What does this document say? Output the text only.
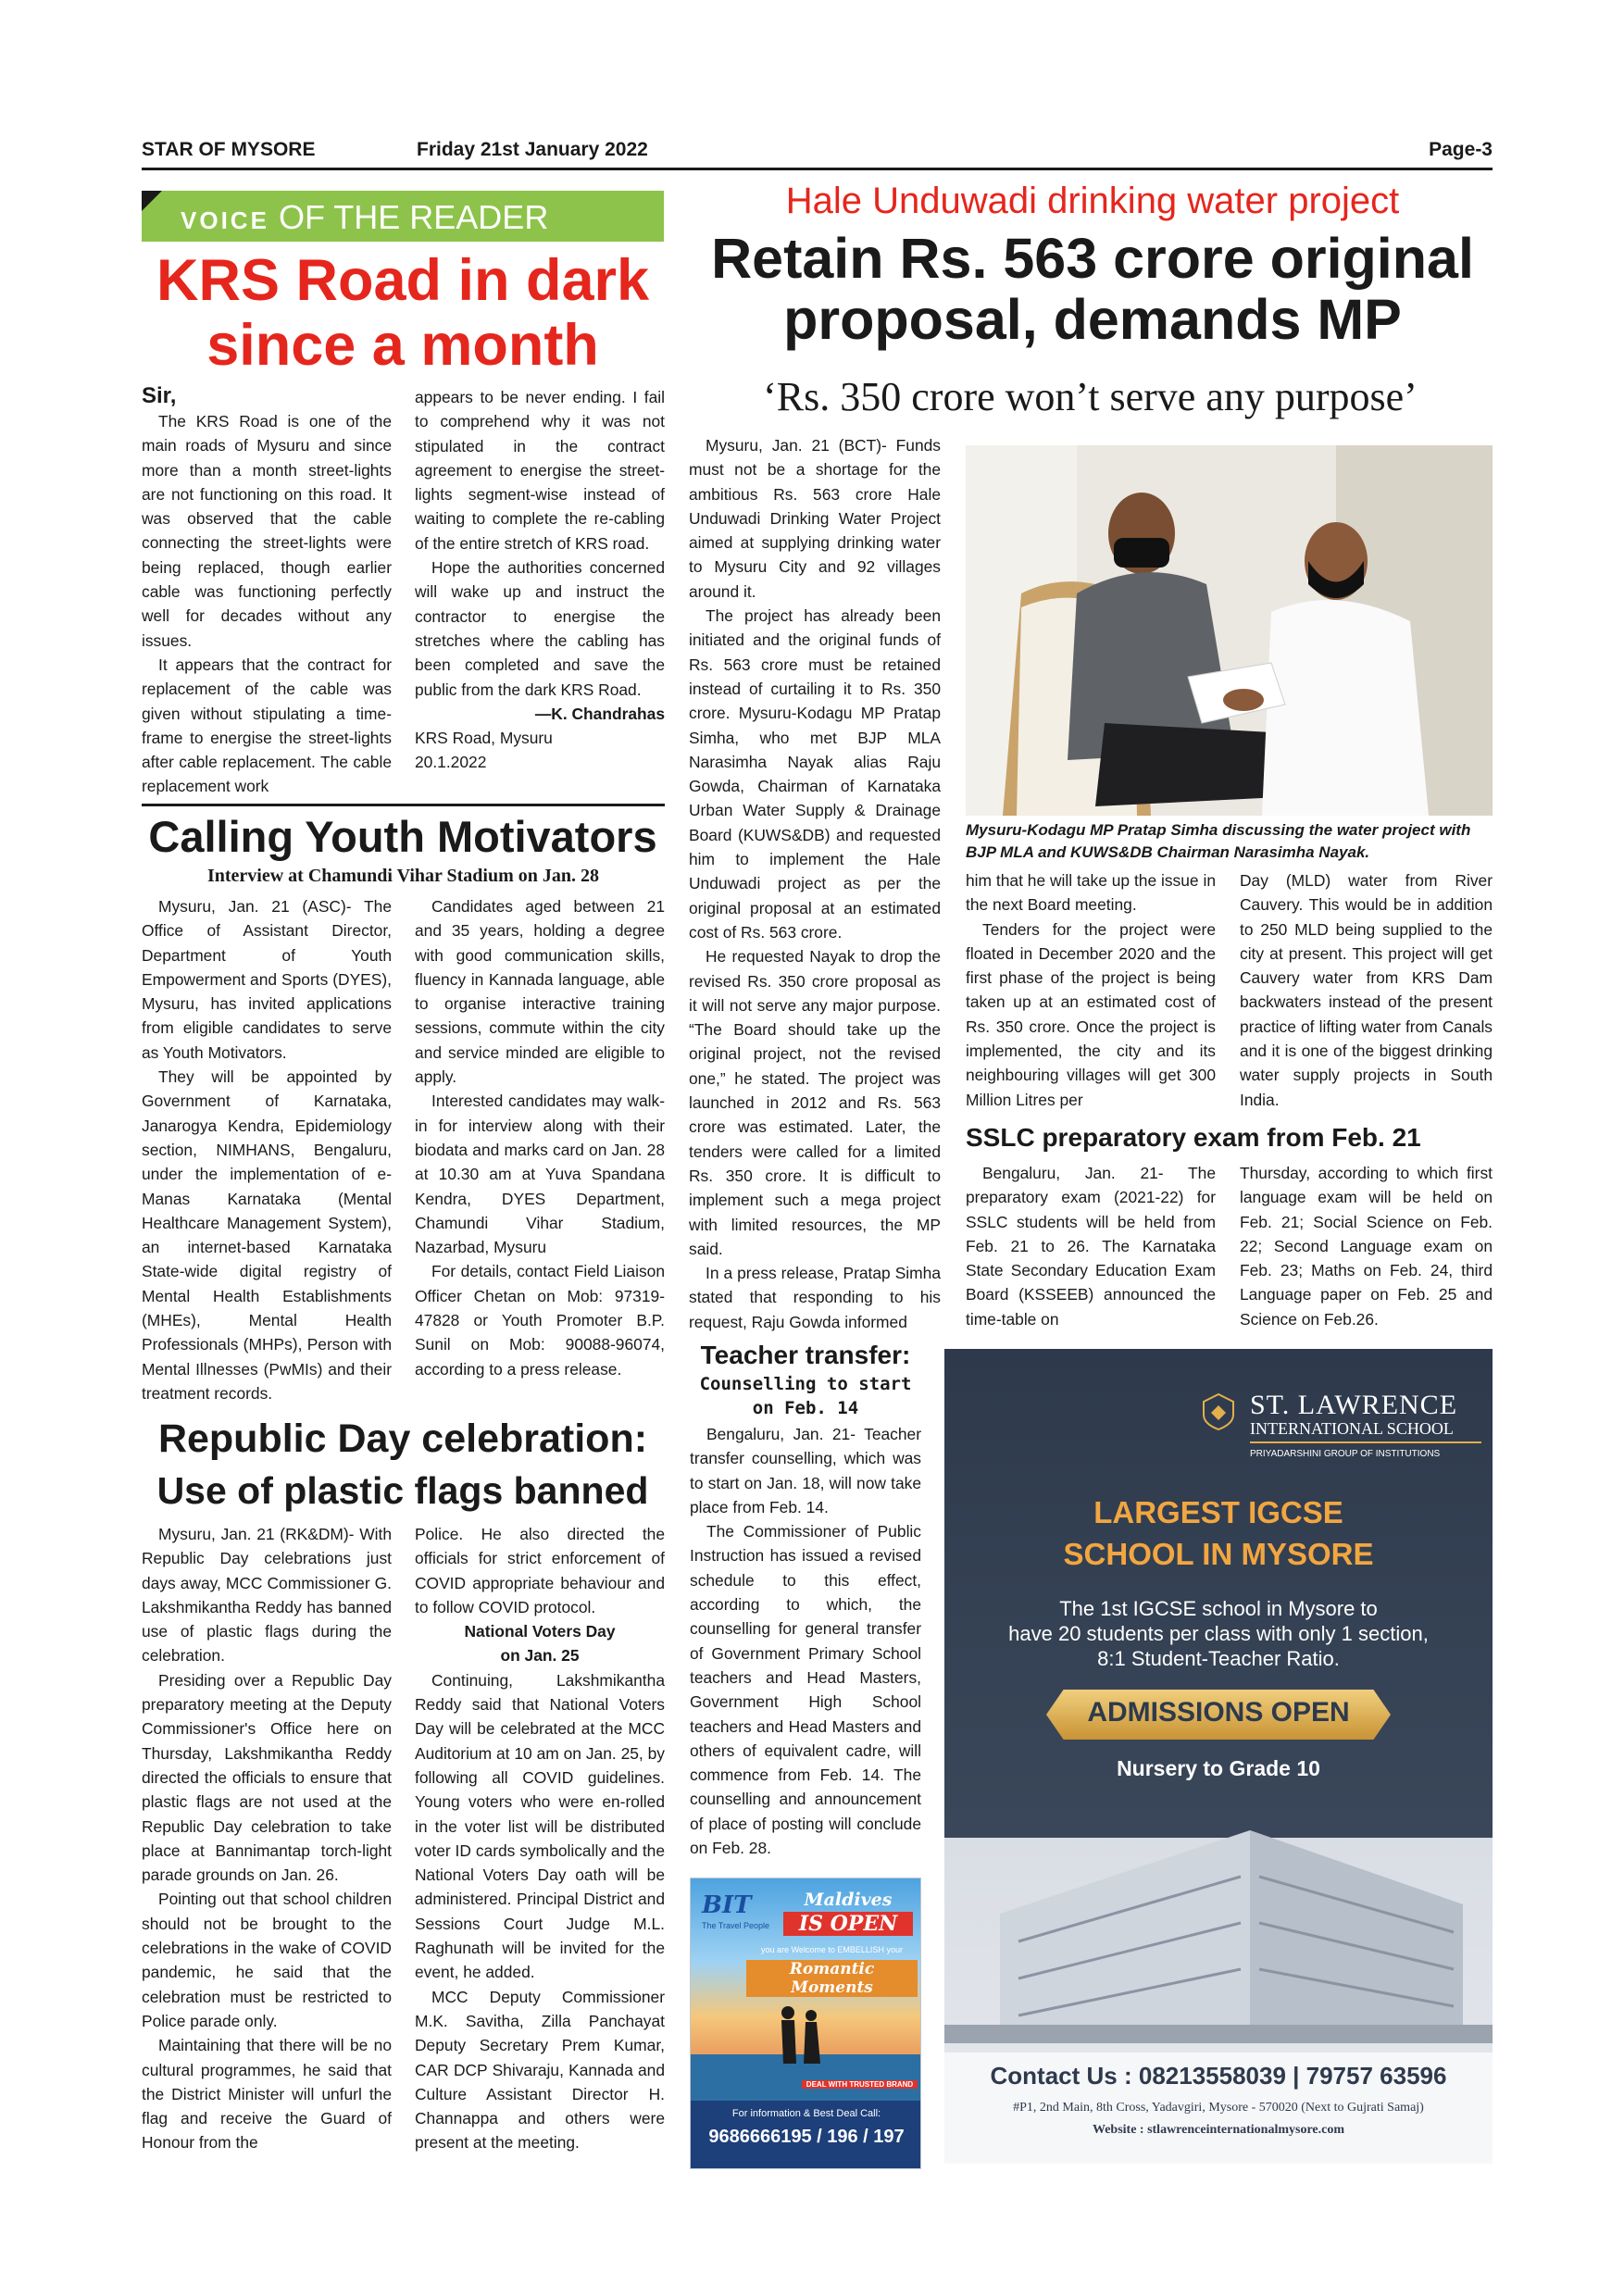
STAR OF MYSORE	Friday 21st January 2022	Page-3
VOICE OF THE READER
KRS Road in dark
since a month

Sir,

The KRS Road is one of the main roads of Mysuru and since more than a month street-lights are not functioning on this road. It was observed that the cable connecting the street-lights were being replaced, though earlier cable was functioning perfectly well for decades without any issues.

It appears that the contract for replacement of the cable was given without stipulating a time-frame to energise the street-lights after cable replacement. The cable replacement work

appears to be never ending. I fail to comprehend why it was not stipulated in the contract agreement to energise the street-lights segment-wise instead of waiting to complete the re-cabling of the entire stretch of KRS road.

Hope the authorities concerned will wake up and instruct the contractor to energise the stretches where the cabling has been completed and save the public from the dark KRS Road.

—K. Chandrahas

KRS Road, Mysuru

20.1.2022

Calling Youth Motivators
Interview at Chamundi Vihar Stadium on Jan. 28

Mysuru, Jan. 21 (ASC)- The Office of Assistant Director, Department of Youth Empowerment and Sports (DYES), Mysuru, has invited applications from eligible candidates to serve as Youth Motivators.

They will be appointed by Government of Karnataka, Janarogya Kendra, Epidemiology section, NIMHANS, Bengaluru, under the implementation of e-Manas Karnataka (Mental Healthcare Management System), an internet-based Karnataka State-wide digital registry of Mental Health Establishments (MHEs), Mental Health Professionals (MHPs), Person with Mental Illnesses (PwMIs) and their treatment records.

Candidates aged between 21 and 35 years, holding a degree with good communication skills, fluency in Kannada language, able to organise interactive training sessions, commute within the city and service minded are eligible to apply.

Interested candidates may walk-in for interview along with their biodata and marks card on Jan. 28 at 10.30 am at Yuva Spandana Kendra, DYES Department, Chamundi Vihar Stadium, Nazarbad, Mysuru

For details, contact Field Liaison Officer Chetan on Mob: 97319-47828 or Youth Promoter B.P. Sunil on Mob: 90088-96074, according to a press release.

Republic Day celebration:
Use of plastic flags banned

Mysuru, Jan. 21 (RK&DM)- With Republic Day celebrations just days away, MCC Commissioner G. Lakshmikantha Reddy has banned use of plastic flags during the celebration.

Presiding over a Republic Day preparatory meeting at the Deputy Commissioner's Office here on Thursday, Lakshmikantha Reddy directed the officials to ensure that plastic flags are not used at the Republic Day celebration to take place at Bannimantap torch-light parade grounds on Jan. 26.

Pointing out that school children should not be brought to the celebrations in the wake of COVID pandemic, he said that the celebration must be restricted to Police parade only.

Maintaining that there will be no cultural programmes, he said that the District Minister will unfurl the flag and receive the Guard of Honour from the

Police. He also directed the officials for strict enforcement of COVID appropriate behaviour and to follow COVID protocol.

National Voters Day

on Jan. 25

Continuing, Lakshmikantha Reddy said that National Voters Day will be celebrated at the MCC Auditorium at 10 am on Jan. 25, by following all COVID guidelines. Young voters who were en-rolled in the voter list will be distributed voter ID cards symbolically and the National Voters Day oath will be administered. Principal District and Sessions Court Judge M.L. Raghunath will be invited for the event, he added.

MCC Deputy Commissioner M.K. Savitha, Zilla Panchayat Deputy Secretary Prem Kumar, CAR DCP Shivaraju, Kannada and Culture Assistant Director H. Channappa and others were present at the meeting.

Hale Unduwadi drinking water project
Retain Rs. 563 crore original
proposal, demands MP
‘Rs. 350 crore won’t serve any purpose’

Mysuru, Jan. 21 (BCT)- Funds must not be a shortage for the ambitious Rs. 563 crore Hale Unduwadi Drinking Water Project aimed at supplying drinking water to Mysuru City and 92 villages around it.

The project has already been initiated and the original funds of Rs. 563 crore must be retained instead of curtailing it to Rs. 350 crore. Mysuru-Kodagu MP Pratap Simha, who met BJP MLA Narasimha Nayak alias Raju Gowda, Chairman of Karnataka Urban Water Supply & Drainage Board (KUWS&DB) and requested him to implement the Hale Unduwadi project as per the original proposal at an estimated cost of Rs. 563 crore.

He requested Nayak to drop the revised Rs. 350 crore proposal as it will not serve any major purpose. “The Board should take up the original project, not the revised one,” he stated. The project was launched in 2012 and Rs. 563 crore was estimated. Later, the tenders were called for a limited Rs. 350 crore. It is difficult to implement such a mega project with limited resources, the MP said.

In a press release, Pratap Simha stated that responding to his request, Raju Gowda informed

Mysuru-Kodagu MP Pratap Simha discussing the water project with BJP MLA and KUWS&DB Chairman Narasimha Nayak.

him that he will take up the issue in the next Board meeting.

Tenders for the project were floated in December 2020 and the first phase of the project is being taken up at an estimated cost of Rs. 350 crore. Once the project is implemented, the city and its neighbouring villages will get 300 Million Litres per

Day (MLD) water from River Cauvery. This would be in addition to 250 MLD being supplied to the city at present. This project will get Cauvery water from KRS Dam backwaters instead of the present practice of lifting water from Canals and it is one of the biggest drinking water supply projects in South India.

SSLC preparatory exam from Feb. 21

Bengaluru, Jan. 21- The preparatory exam (2021-22) for SSLC students will be held from Feb. 21 to 26. The Karnataka State Secondary Education Exam Board (KSSEEB) announced the time-table on

Thursday, according to which first language exam will be held on Feb. 21; Social Science on Feb. 22; Second Language exam on Feb. 23; Maths on Feb. 24, third Language paper on Feb. 25 and Science on Feb.26.

Teacher transfer:
Counselling to start
on Feb. 14

Bengaluru, Jan. 21- Teacher transfer counselling, which was to start on Jan. 18, will now take place from Feb. 14.

The Commissioner of Public Instruction has issued a revised schedule to this effect, according to which, the counselling for general transfer of Government Primary School teachers and Head Masters, Government High School teachers and Head Masters and others of equivalent cadre, will commence from Feb. 14. The counselling and announcement of place of posting will conclude on Feb. 28.

BIT
The Travel People
Maldives
IS OPEN
you are Welcome to EMBELLISH your
Romantic Moments
DEAL WITH TRUSTED BRAND
For information & Best Deal Call:
9686666195 / 196 / 197
ST. LAWRENCE
INTERNATIONAL SCHOOL
PRIYADARSHINI GROUP OF INSTITUTIONS
LARGEST IGCSE
SCHOOL IN MYSORE
The 1st IGCSE school in Mysore to
have 20 students per class with only 1 section,
8:1 Student-Teacher Ratio.
ADMISSIONS OPEN
Nursery to Grade 10
Contact Us : 08213558039 | 79757 63596
#P1, 2nd Main, 8th Cross, Yadavgiri, Mysore - 570020 (Next to Gujrati Samaj)
Website : stlawrenceinternationalmysore.com
